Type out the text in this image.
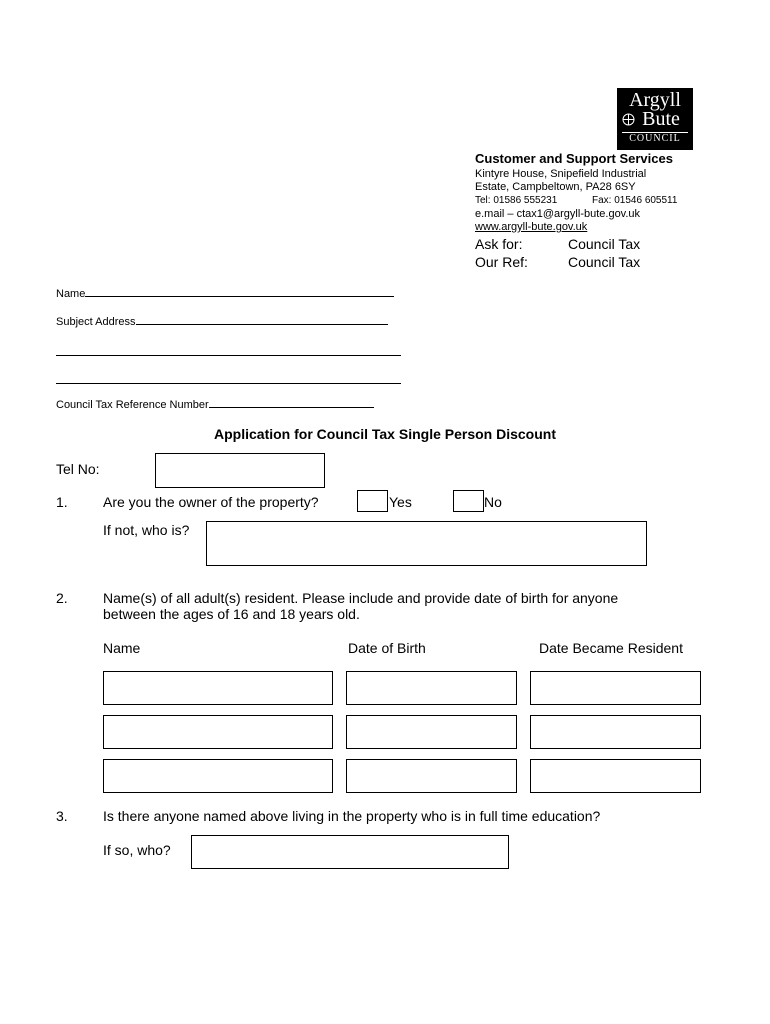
Argyll
Bute
COUNCIL
Customer and Support Services
Kintyre House, Snipefield Industrial
Estate, Campbeltown, PA28 6SY
Tel: 01586 555231	Fax: 01546 605511
e.mail – ctax1@argyll-bute.gov.uk
www.argyll-bute.gov.uk
Ask for:	Council Tax
Our Ref:	Council Tax
Name
Subject Address
Council Tax Reference Number
Application for Council Tax Single Person Discount
Tel No:
1.	Are you the owner of the property?	Yes	No
If not, who is?
2.	Name(s) of all adult(s) resident. Please include and provide date of birth for anyone
between the ages of 16 and 18 years old.
Name	Date of Birth	Date Became Resident
3.	Is there anyone named above living in the property who is in full time education?
If so, who?
